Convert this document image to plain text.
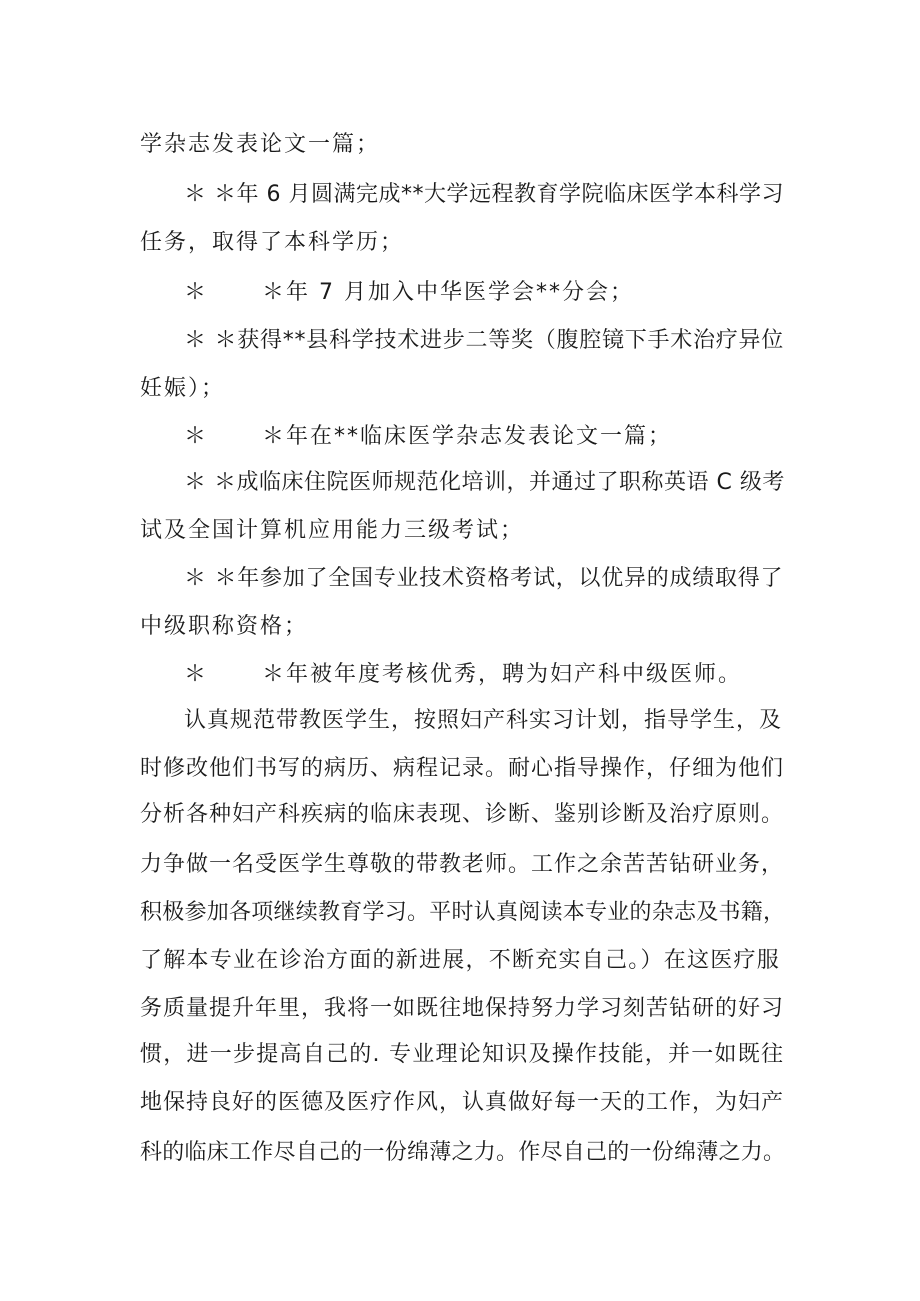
学杂志发表论文一篇；
＊ ＊年 6 月圆满完成**大学远程教育学院临床医学本科学习
任务，取得了本科学历；
＊      ＊年 7 月加入中华医学会**分会；
＊ ＊获得**县科学技术进步二等奖（腹腔镜下手术治疗异位
妊娠）；
＊      ＊年在**临床医学杂志发表论文一篇；
＊ ＊成临床住院医师规范化培训，并通过了职称英语 C 级考
试及全国计算机应用能力三级考试；
＊ ＊年参加了全国专业技术资格考试，以优异的成绩取得了
中级职称资格；
＊      ＊年被年度考核优秀，聘为妇产科中级医师。
认真规范带教医学生，按照妇产科实习计划，指导学生，及
时修改他们书写的病历、病程记录。耐心指导操作，仔细为他们
分析各种妇产科疾病的临床表现、诊断、鉴别诊断及治疗原则。
力争做一名受医学生尊敬的带教老师。工作之余苦苦钻研业务，
积极参加各项继续教育学习。平时认真阅读本专业的杂志及书籍，
了解本专业在诊治方面的新进展，不断充实自己。）在这医疗服
务质量提升年里，我将一如既往地保持努力学习刻苦钻研的好习
惯，进一步提高自己的. 专业理论知识及操作技能，并一如既往
地保持良好的医德及医疗作风，认真做好每一天的工作，为妇产
科的临床工作尽自己的一份绵薄之力。作尽自己的一份绵薄之力。
